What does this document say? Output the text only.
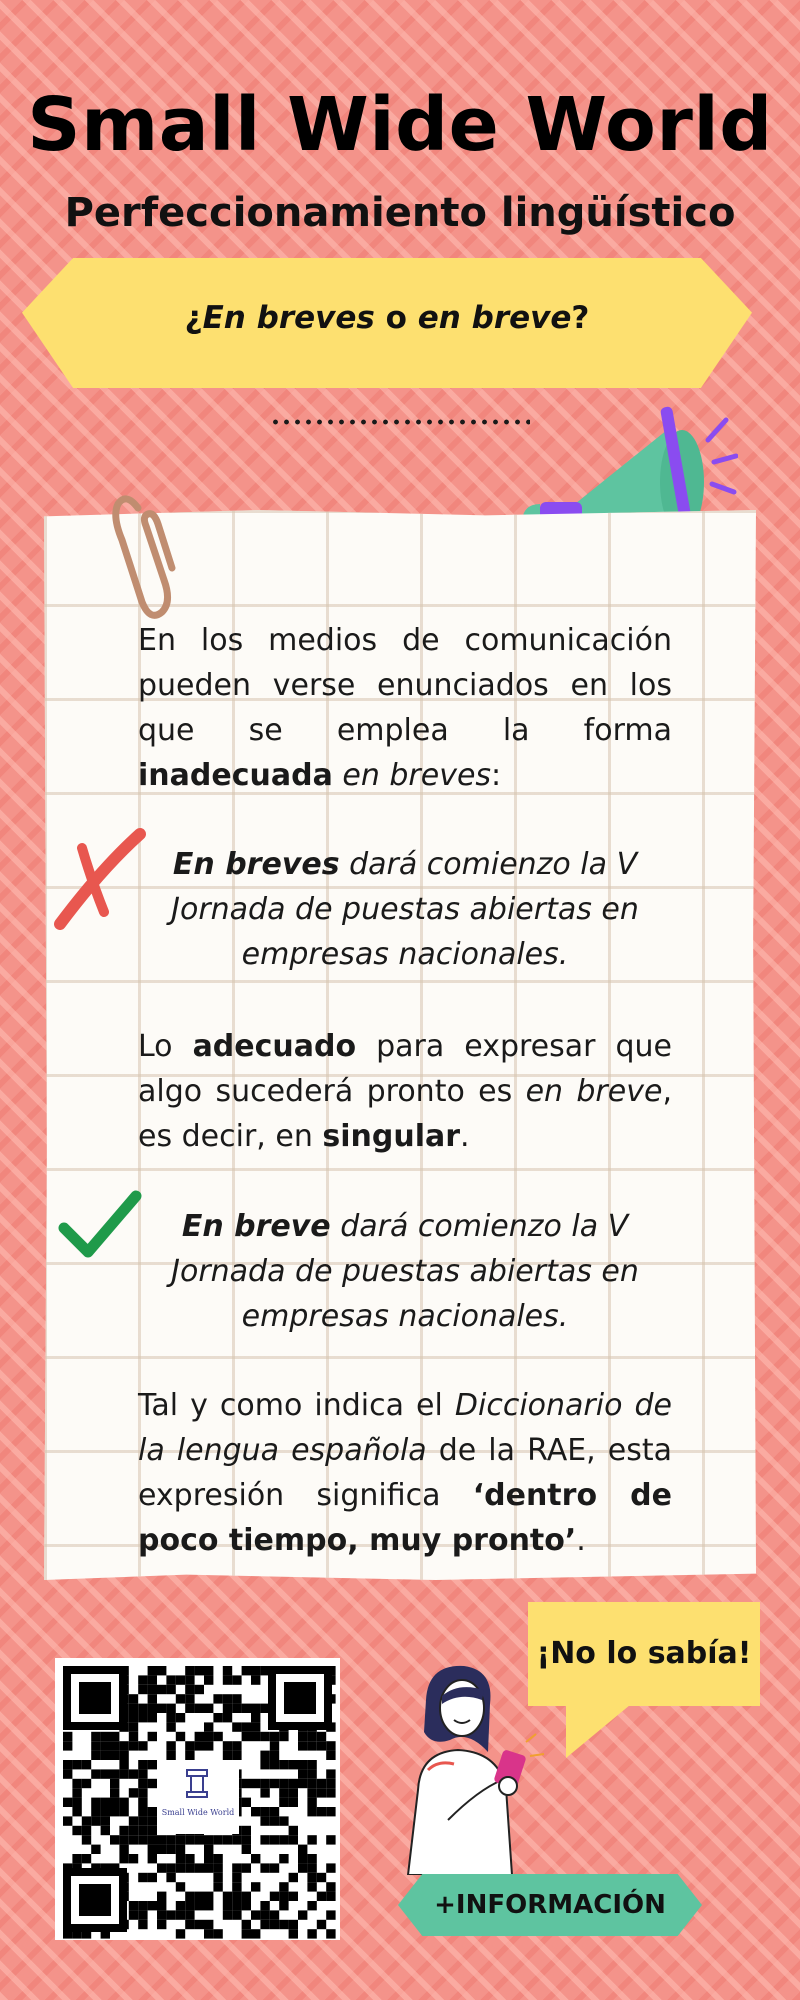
Small Wide World
Perfeccionamiento lingüístico
¿En breves o en breve?
En los medios de comunicación pueden verse enunciados en los que se emplea la forma inadecuada en breves:
En breves dará comienzo la V Jornada de puestas abiertas en empresas nacionales.
Lo adecuado para expresar que algo sucederá pronto es en breve, es decir, en singular.
En breve dará comienzo la V Jornada de puestas abiertas en empresas nacionales.
Tal y como indica el Diccionario de la lengua española de la RAE, esta expresión significa ‘dentro de poco tiempo, muy pronto’.
Small Wide World
¡No lo sabía!
+INFORMACIÓN
